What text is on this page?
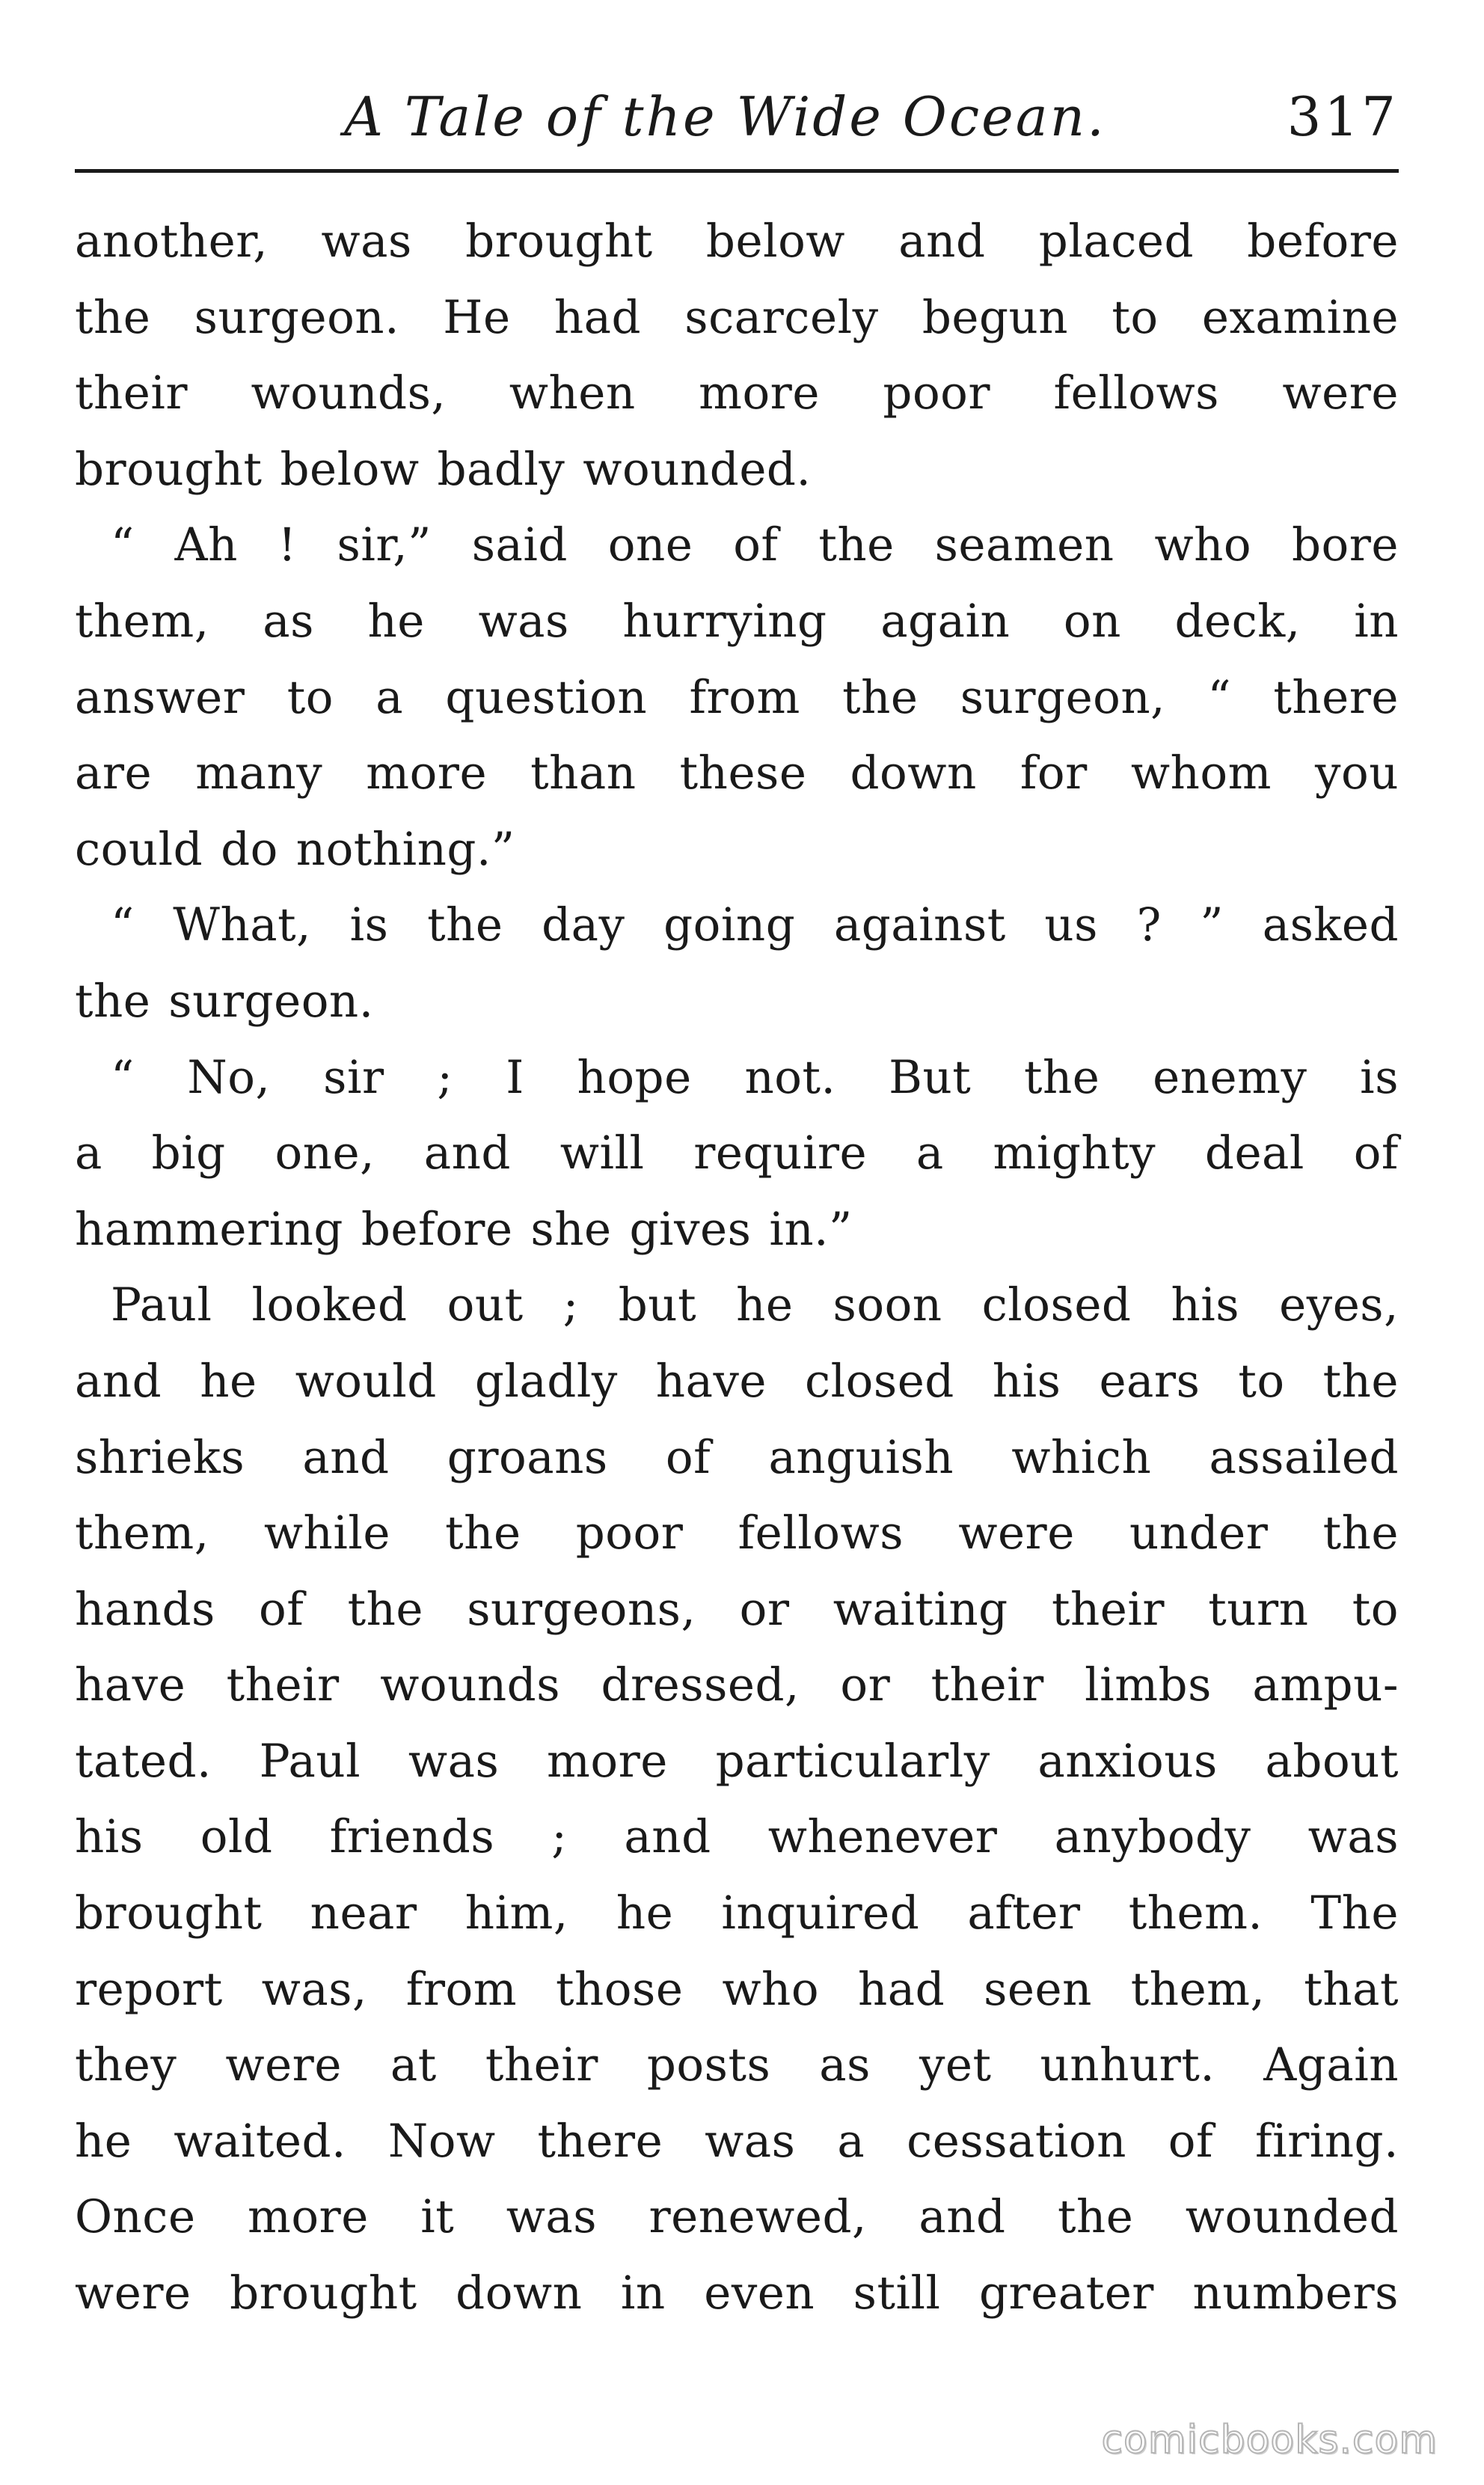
A Tale of the Wide Ocean.	317
another, was brought below and placed before
the surgeon. He had scarcely begun to examine
their wounds, when more poor fellows were
brought below badly wounded.
“ Ah ! sir,” said one of the seamen who bore
them, as he was hurrying again on deck, in
answer to a question from the surgeon, “ there
are many more than these down for whom you
could do nothing.”
“ What, is the day going against us ? ” asked
the surgeon.
“ No, sir ; I hope not. But the enemy is
a big one, and will require a mighty deal of
hammering before she gives in.”
Paul looked out ; but he soon closed his eyes,
and he would gladly have closed his ears to the
shrieks and groans of anguish which assailed
them, while the poor fellows were under the
hands of the surgeons, or waiting their turn to
have their wounds dressed, or their limbs ampu-
tated. Paul was more particularly anxious about
his old friends ; and whenever anybody was
brought near him, he inquired after them. The
report was, from those who had seen them, that
they were at their posts as yet unhurt. Again
he waited. Now there was a cessation of firing.
Once more it was renewed, and the wounded
were brought down in even still greater numbers
comicbooks.com
